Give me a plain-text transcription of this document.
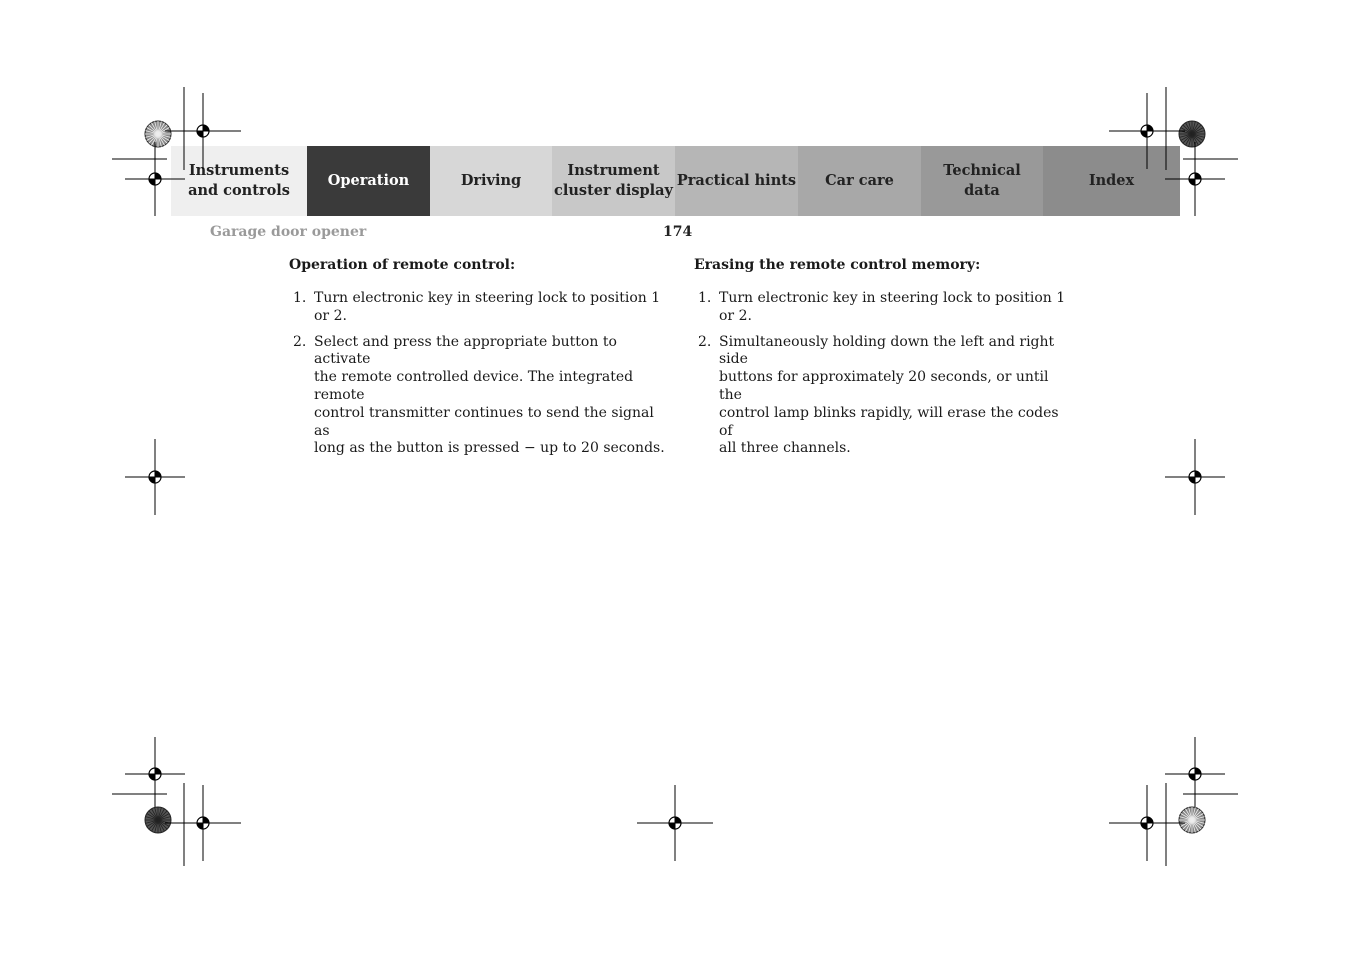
Instruments
and controls
Operation	Driving
Instrument
cluster display
Practical hints	Car care
Technical
data
Index
Garage door opener	174
Operation of remote control:
1. Turn electronic key in steering lock to position 1
or 2.
2. Select and press the appropriate button to activate
the remote controlled device. The integrated remote
control transmitter continues to send the signal as
long as the button is pressed − up to 20 seconds.
Erasing the remote control memory:
1. Turn electronic key in steering lock to position 1
or 2.
2. Simultaneously holding down the left and right side
buttons for approximately 20 seconds, or until the
control lamp blinks rapidly, will erase the codes of
all three channels.
